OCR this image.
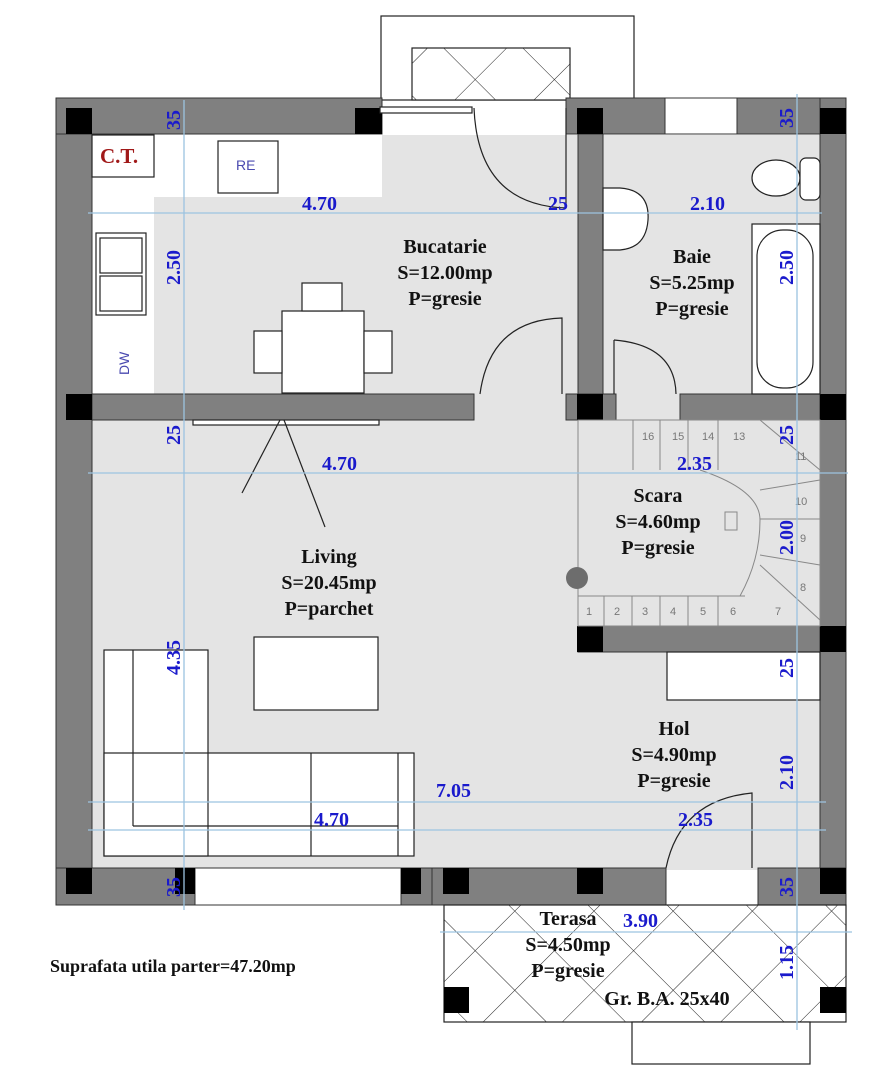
1 2 3 4 5 6	7
8
9
10
11
13
14
15
16
4.70	25	2.10
4.70	2.35
7.05
4.70	2.35
3.90
35
2.50
25
4.35
35
35
2.50
25
2.00
25
2.10
35
1.15
C.T.	RE
DW
Bucatarie
S=12.00mp
P=gresie
Baie
S=5.25mp
P=gresie
Living
S=20.45mp
P=parchet
Scara
S=4.60mp
P=gresie
Hol
S=4.90mp
P=gresie
Terasa
S=4.50mp
P=gresie
Gr. B.A. 25x40
Suprafata utila parter=47.20mp
